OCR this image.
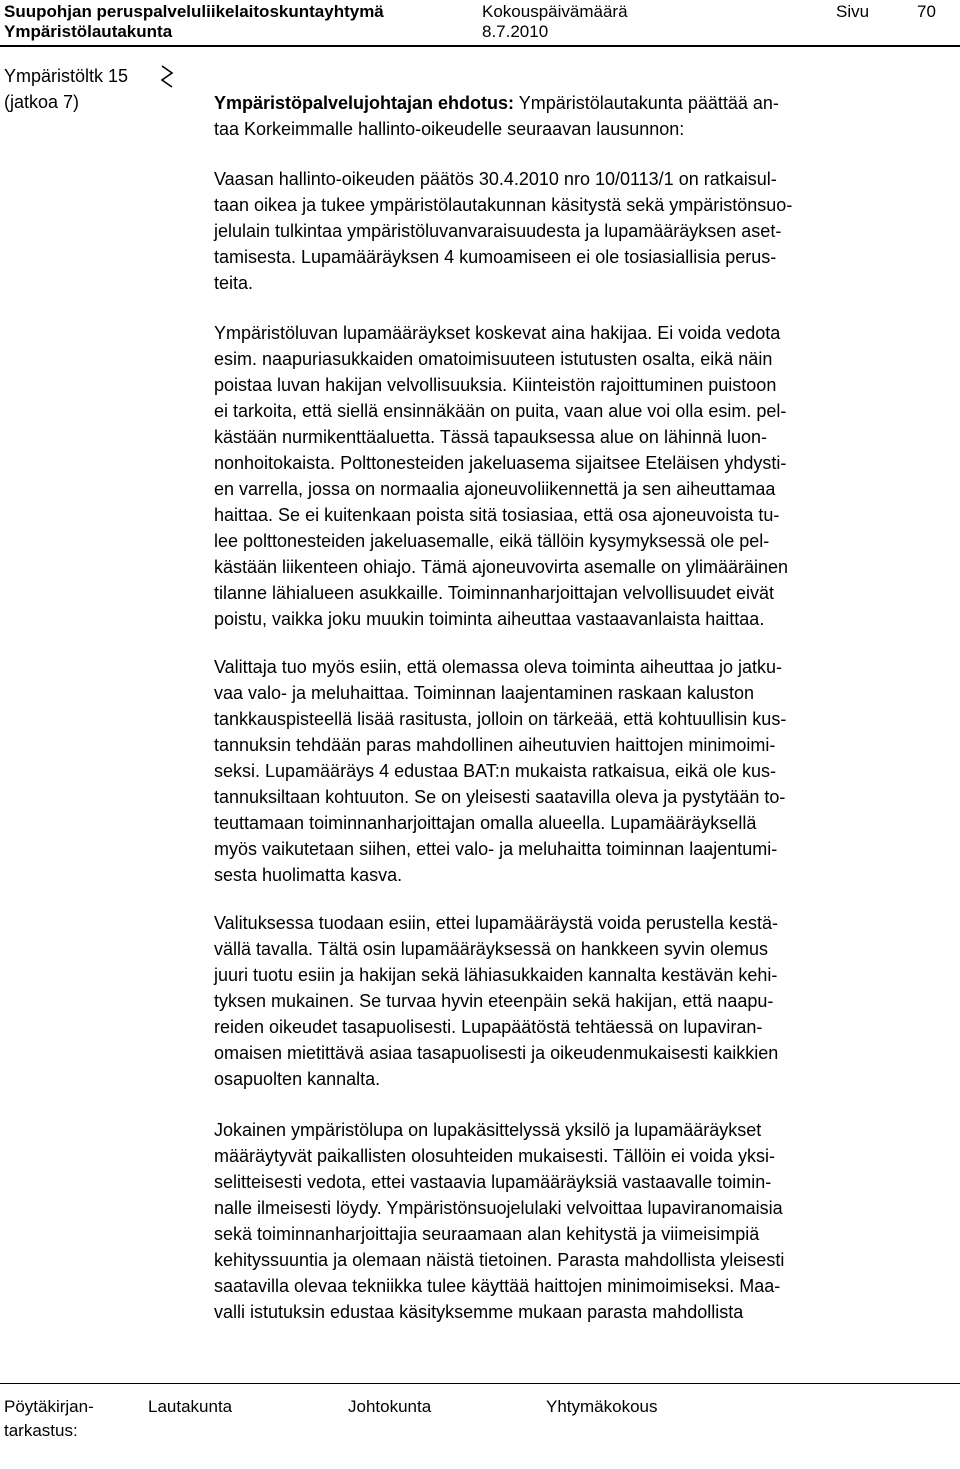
Suupohjan peruspalveluliikelaitoskuntayhtymä	Kokouspäivämäärä	Sivu	70
Ympäristölautakunta	8.7.2010
Ympäristöltk 15
(jatkoa 7)	Ympäristöpalvelujohtajan ehdotus: Ympäristölautakunta päättää an-
taa Korkeimmalle hallinto-oikeudelle seuraavan lausunnon:
Vaasan hallinto-oikeuden päätös 30.4.2010 nro 10/0113/1 on ratkaisul-
taan oikea ja tukee ympäristölautakunnan käsitystä sekä ympäristönsuo-
jelulain tulkintaa ympäristöluvanvaraisuudesta ja lupamääräyksen aset-
tamisesta. Lupamääräyksen 4 kumoamiseen ei ole tosiasiallisia perus-
teita.
Ympäristöluvan lupamääräykset koskevat aina hakijaa. Ei voida vedota
esim. naapuriasukkaiden omatoimisuuteen istutusten osalta, eikä näin
poistaa luvan hakijan velvollisuuksia. Kiinteistön rajoittuminen puistoon
ei tarkoita, että siellä ensinnäkään on puita, vaan alue voi olla esim. pel-
kästään nurmikenttäaluetta. Tässä tapauksessa alue on lähinnä luon-
nonhoitokaista. Polttonesteiden jakeluasema sijaitsee Eteläisen yhdysti-
en varrella, jossa on normaalia ajoneuvoliikennettä ja sen aiheuttamaa
haittaa. Se ei kuitenkaan poista sitä tosiasiaa, että osa ajoneuvoista tu-
lee polttonesteiden jakeluasemalle, eikä tällöin kysymyksessä ole pel-
kästään liikenteen ohiajo. Tämä ajoneuvovirta asemalle on ylimääräinen
tilanne lähialueen asukkaille. Toiminnanharjoittajan velvollisuudet eivät
poistu, vaikka joku muukin toiminta aiheuttaa vastaavanlaista haittaa.
Valittaja tuo myös esiin, että olemassa oleva toiminta aiheuttaa jo jatku-
vaa valo- ja meluhaittaa. Toiminnan laajentaminen raskaan kaluston
tankkauspisteellä lisää rasitusta, jolloin on tärkeää, että kohtuullisin kus-
tannuksin tehdään paras mahdollinen aiheutuvien haittojen minimoimi-
seksi. Lupamääräys 4 edustaa BAT:n mukaista ratkaisua, eikä ole kus-
tannuksiltaan kohtuuton. Se on yleisesti saatavilla oleva ja pystytään to-
teuttamaan toiminnanharjoittajan omalla alueella. Lupamääräyksellä
myös vaikutetaan siihen, ettei valo- ja meluhaitta toiminnan laajentumi-
sesta huolimatta kasva.
Valituksessa tuodaan esiin, ettei lupamääräystä voida perustella kestä-
vällä tavalla. Tältä osin lupamääräyksessä on hankkeen syvin olemus
juuri tuotu esiin ja hakijan sekä lähiasukkaiden kannalta kestävän kehi-
tyksen mukainen. Se turvaa hyvin eteenpäin sekä hakijan, että naapu-
reiden oikeudet tasapuolisesti. Lupapäätöstä tehtäessä on lupaviran-
omaisen mietittävä asiaa tasapuolisesti ja oikeudenmukaisesti kaikkien
osapuolten kannalta.
Jokainen ympäristölupa on lupakäsittelyssä yksilö ja lupamääräykset
määräytyvät paikallisten olosuhteiden mukaisesti. Tällöin ei voida yksi-
selitteisesti vedota, ettei vastaavia lupamääräyksiä vastaavalle toimin-
nalle ilmeisesti löydy. Ympäristönsuojelulaki velvoittaa lupaviranomaisia
sekä toiminnanharjoittajia seuraamaan alan kehitystä ja viimeisimpiä
kehityssuuntia ja olemaan näistä tietoinen. Parasta mahdollista yleisesti
saatavilla olevaa tekniikka tulee käyttää haittojen minimoimiseksi. Maa-
valli istutuksin edustaa käsityksemme mukaan parasta mahdollista
Pöytäkirjan-
tarkastus:
Lautakunta	Johtokunta	Yhtymäkokous
